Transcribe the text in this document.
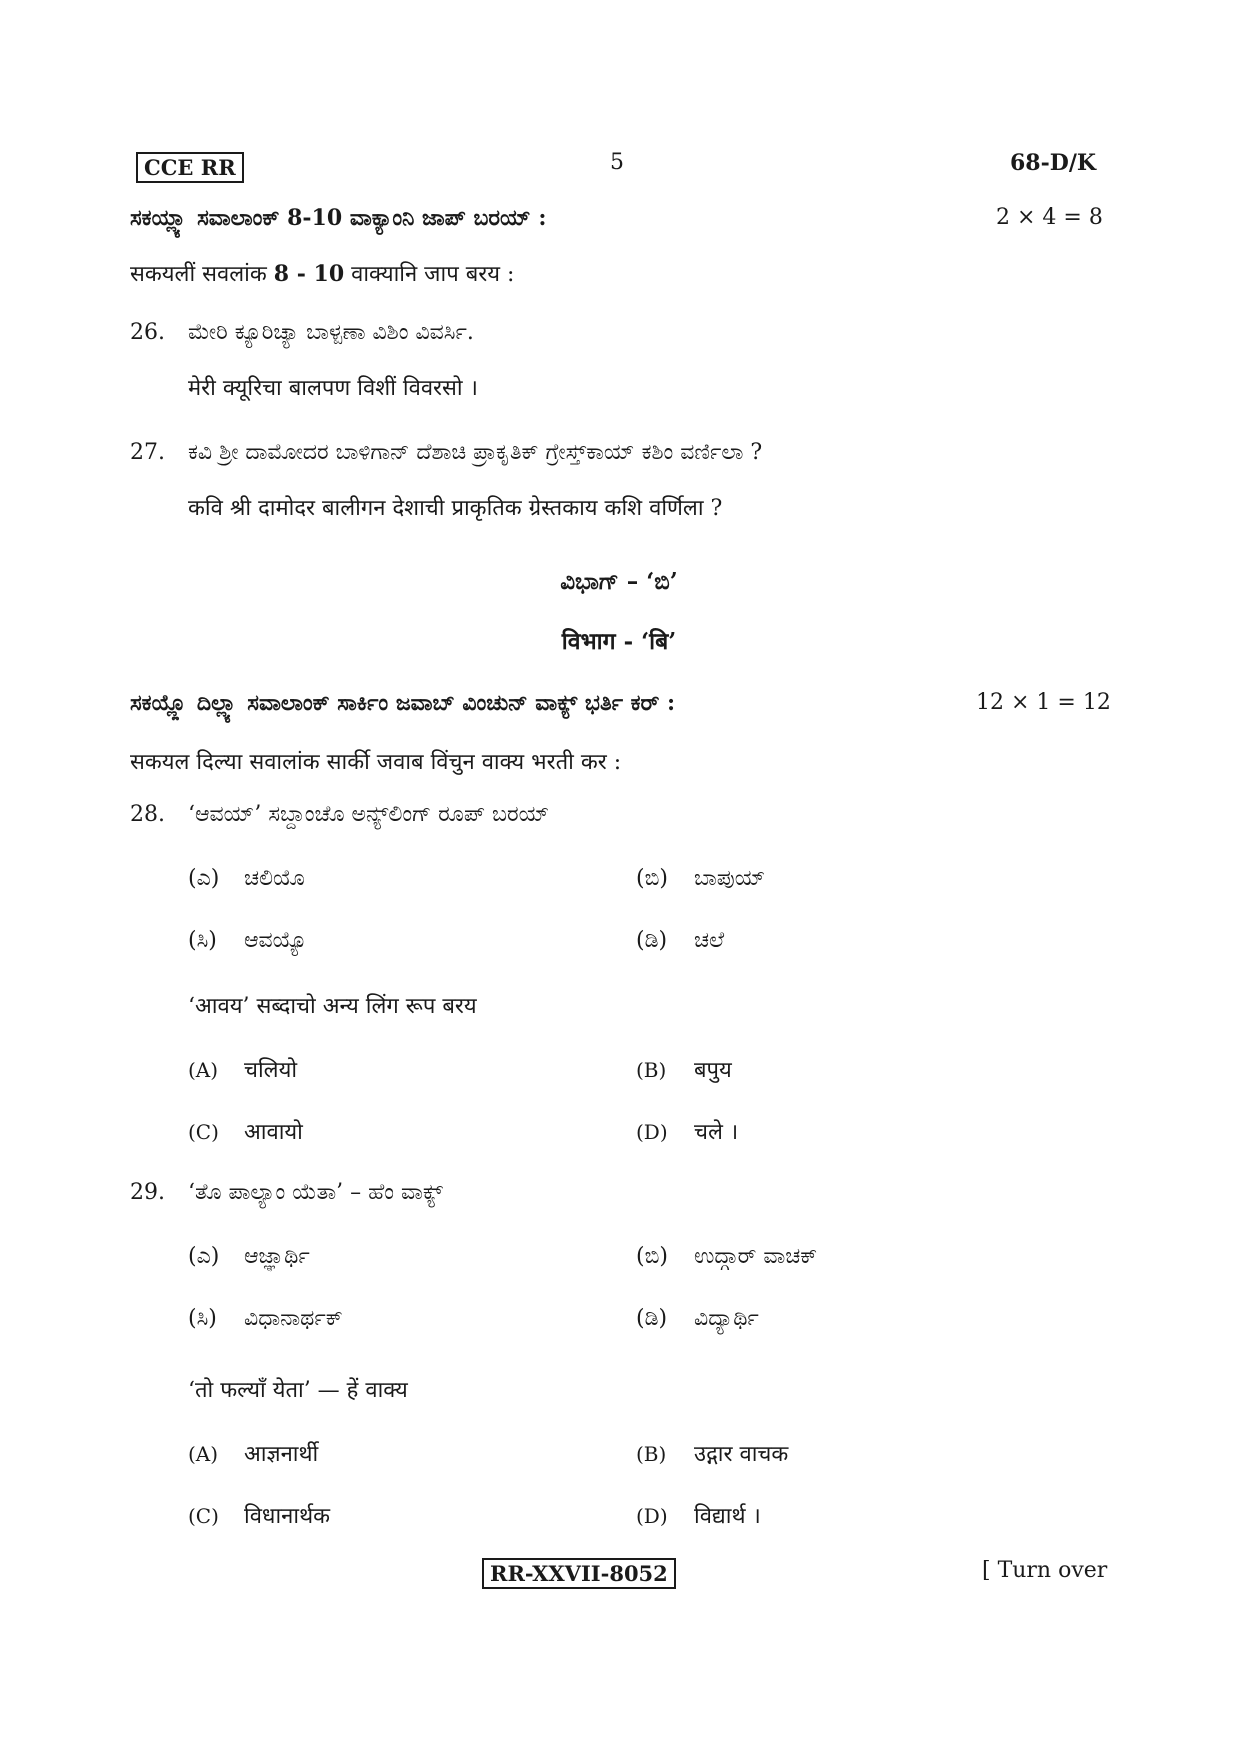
CCE RR	5	68-D/K
ಸಕಯ್ಲ್ಯಾ ಸವಾಲಾಂಕ್ 8-10 ವಾಕ್ಯಾಂನಿ ಜಾಪ್ ಬರಯ್ :	2 × 4 = 8
सकयलीं सवलांक 8 - 10 वाक्यानि जाप बरय :
26. ಮೇರಿ ಕ್ಯೂರಿಚ್ಯಾ ಬಾಳ್ಪಣಾ ವಿಶಿಂ ವಿವರ್ಸಿ.
मेरी क्यूरिचा बालपण विशीं विवरसो ।
27. ಕವಿ ಶ್ರೀ ದಾಮೋದರ ಬಾಳಿಗಾನ್ ದೆಶಾಚಿ ಪ್ರಾಕೃತಿಕ್ ಗ್ರೇಸ್ತ್‌ಕಾಯ್ ಕಶಿಂ ವರ್ಣಿಲಾ ?
कवि श्री दामोदर बालीगन देशाची प्राकृतिक ग्रेस्तकाय कशि वर्णिला ?
ವಿಭಾಗ್ – ‘ಬಿ’
विभाग - ‘बि’
ಸಕಯ್ಲ್ಲೊ ದಿಲ್ಲ್ಯಾ ಸವಾಲಾಂಕ್ ಸಾರ್ಕಿಂ ಜವಾಬ್ ವಿಂಚುನ್ ವಾಕ್ಯ್ ಭರ್ತಿ ಕರ್ :	12 × 1 = 12
सकयल दिल्या सवालांक सार्की जवाब विंचुन वाक्य भरती कर :
28. ‘ಆವಯ್’ ಸಬ್ದಾಂಚೊ ಅನ್ಯ್‌ಲಿಂಗ್ ರೂಪ್ ಬರಯ್
(ಎ) ಚಲಿಯೊ	(ಬಿ) ಬಾಪುಯ್
(ಸಿ) ಆವಯ್ಯೊ	(ಡಿ) ಚಲೆ
‘आवय’ सब्दाचो अन्य लिंग रूप बरय
(A) चलियो	(B) बपुय
(C) आवायो	(D) चले ।
29. ‘ತೊ ಪಾಲ್ಯಾಂ ಯೆತಾ’ – ಹೆಂ ವಾಕ್ಯ್
(ಎ) ಆಜ್ಞಾರ್ಥಿ	(ಬಿ) ಉದ್ಗಾರ್ ವಾಚಕ್
(ಸಿ) ವಿಧಾನಾರ್ಥಕ್	(ಡಿ) ವಿದ್ಯಾರ್ಥಿ
‘तो फल्याँ येता’ — हें वाक्य
(A) आज्ञनार्थी	(B) उद्गार वाचक
(C) विधानार्थक	(D) विद्यार्थ ।
RR-XXVII-8052	[ Turn over
